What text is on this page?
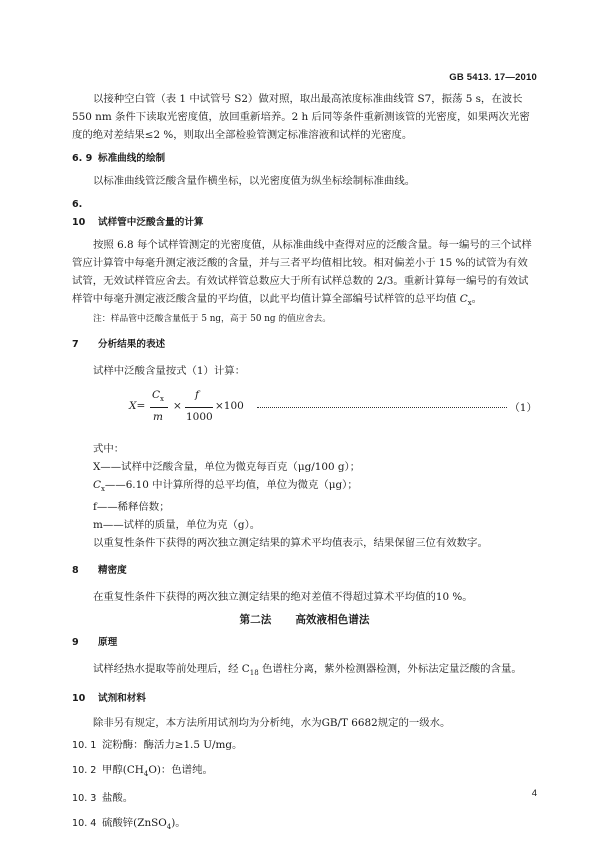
GB 5413. 17—2010

以接种空白管（表 1 中试管号 S2）做对照，取出最高浓度标准曲线管 S7，振荡 5 s，在波长 550 nm 条件下读取光密度值，放回重新培养。2 h 后同等条件重新测该管的光密度，如果两次光密度的绝对差结果≤2 %，则取出全部检验管测定标准溶液和试样的光密度。

6. 9 标准曲线的绘制

以标准曲线管泛酸含量作横坐标，以光密度值为纵坐标绘制标准曲线。

6. 10 试样管中泛酸含量的计算

按照 6.8 每个试样管测定的光密度值，从标准曲线中查得对应的泛酸含量。每一编号的三个试样管应计算管中每毫升测定液泛酸的含量，并与三者平均值相比较。相对偏差小于 15 %的试管为有效试管，无效试样管应舍去。有效试样管总数应大于所有试样总数的 2/3。重新计算每一编号的有效试样管中每毫升测定液泛酸含量的平均值，以此平均值计算全部编号试样管的总平均值 $C_x$。

注：样品管中泛酸含量低于 5 ng，高于 50 ng 的值应舍去。

7 分析结果的表述

试样中泛酸含量按式（1）计算：

X=
$C_x$
m
×
f
1000
×100	（1）

式中：

X——试样中泛酸含量，单位为微克每百克（μg/100 g）；

$C_x——6.10$ 中计算所得的总平均值，单位为微克（μg）；

f——稀释倍数；

m——试样的质量，单位为克（g）。

以重复性条件下获得的两次独立测定结果的算术平均值表示，结果保留三位有效数字。

8 精密度

在重复性条件下获得的两次独立测定结果的绝对差值不得超过算术平均值的10 %。

第二法 高效液相色谱法
9 原理

试样经热水提取等前处理后，经 $C_{18}$ 色谱柱分离，紫外检测器检测，外标法定量泛酸的含量。

10 试剂和材料

除非另有规定，本方法所用试剂均为分析纯，水为GB/T 6682规定的一级水。

10. 1 淀粉酶：酶活力≥1.5 U/mg。
10. 2 甲醇$(CH_4O)$：色谱纯。
10. 3 盐酸。
10. 4 硫酸锌(ZnSO$_4$)。
4
